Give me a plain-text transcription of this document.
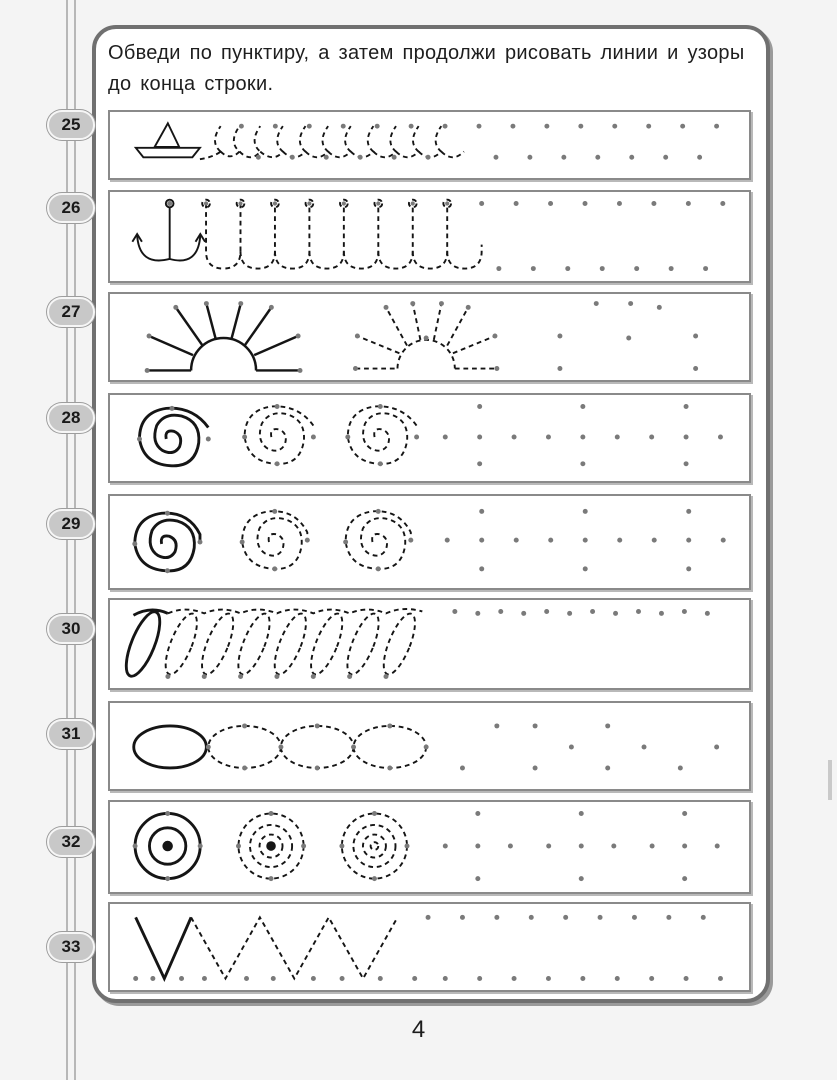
Обведи по пунктиру, а затем продолжи рисовать линии и узоры до конца строки.
25
26
27
28
29
30
31
32
33
4
